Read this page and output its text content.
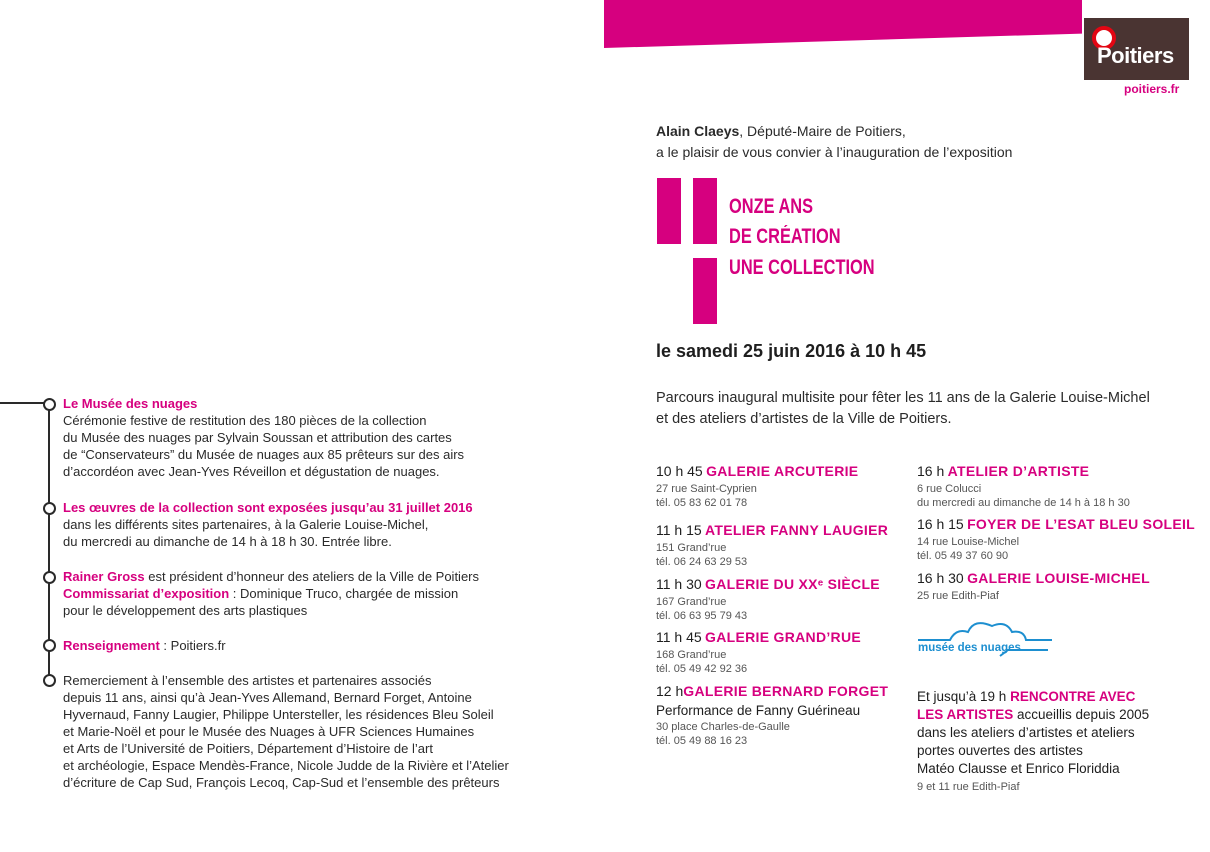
Poitiers
poitiers.fr
Alain Claeys, Député-Maire de Poitiers,
a le plaisir de vous convier à l’inauguration de l’exposition
ONZE ANS
DE CRÉATION
UNE COLLECTION
le samedi 25 juin 2016 à 10 h 45
Parcours inaugural multisite pour fêter les 11 ans de la Galerie Louise-Michel
et des ateliers d’artistes de la Ville de Poitiers.
10 h 45 GALERIE ARCUTERIE
27 rue Saint-Cyprien
tél. 05 83 62 01 78
11 h 15 ATELIER FANNY LAUGIER
151 Grand’rue
tél. 06 24 63 29 53
11 h 30 GALERIE DU XXᵉ SIÈCLE
167 Grand’rue
tél. 06 63 95 79 43
11 h 45 GALERIE GRAND’RUE
168 Grand’rue
tél. 05 49 42 92 36
12 hGALERIE BERNARD FORGET
Performance de Fanny Guérineau
30 place Charles-de-Gaulle
tél. 05 49 88 16 23
16 h ATELIER D’ARTISTE
6 rue Colucci
du mercredi au dimanche de 14 h à 18 h 30
16 h 15 FOYER DE L’ESAT BLEU SOLEIL
14 rue Louise-Michel
tél. 05 49 37 60 90
16 h 30 GALERIE LOUISE-MICHEL
25 rue Edith-Piaf
musée des nuages
Et jusqu’à 19 h RENCONTRE AVEC
LES ARTISTES accueillis depuis 2005
dans les ateliers d’artistes et ateliers
portes ouvertes des artistes
Matéo Clausse et Enrico Floriddia
9 et 11 rue Edith-Piaf
Le Musée des nuages
Cérémonie festive de restitution des 180 pièces de la collection
du Musée des nuages par Sylvain Soussan et attribution des cartes
de “Conservateurs” du Musée de nuages aux 85 prêteurs sur des airs
d’accordéon avec Jean-Yves Réveillon et dégustation de nuages.
Les œuvres de la collection sont exposées jusqu’au 31 juillet 2016
dans les différents sites partenaires, à la Galerie Louise-Michel,
du mercredi au dimanche de 14 h à 18 h 30. Entrée libre.
Rainer Gross est président d’honneur des ateliers de la Ville de Poitiers
Commissariat d’exposition : Dominique Truco, chargée de mission
pour le développement des arts plastiques
Renseignement : Poitiers.fr
Remerciement à l’ensemble des artistes et partenaires associés
depuis 11 ans, ainsi qu’à Jean-Yves Allemand, Bernard Forget, Antoine
Hyvernaud, Fanny Laugier, Philippe Untersteller, les résidences Bleu Soleil
et Marie-Noël et pour le Musée des Nuages à UFR Sciences Humaines
et Arts de l’Université de Poitiers, Département d’Histoire de l’art
et archéologie, Espace Mendès-France, Nicole Judde de la Rivière et l’Atelier
d’écriture de Cap Sud, François Lecoq, Cap-Sud et l’ensemble des prêteurs
